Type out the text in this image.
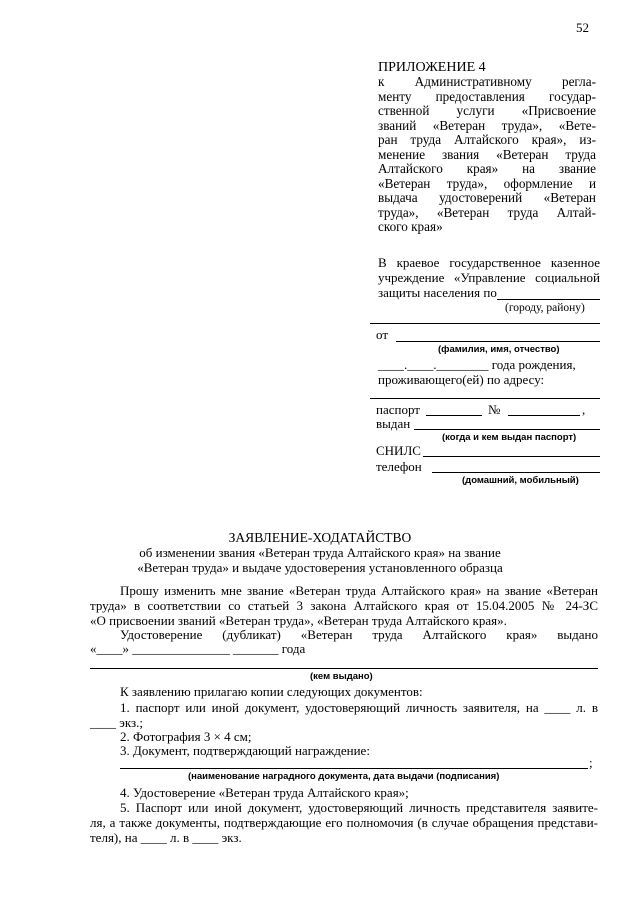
52
ПРИЛОЖЕНИЕ 4
к Административному регла-
менту предоставления государ-
ственной услуги «Присвоение
званий «Ветеран труда», «Вете-
ран труда Алтайского края», из-
менение звания «Ветеран труда
Алтайского края» на звание
«Ветеран труда», оформление и
выдача удостоверений «Ветеран
труда», «Ветеран труда Алтай-
ского края»
В краевое государственное казенное
учреждение «Управление социальной
защиты населения по
(городу, району)
от
(фамилия, имя, отчество)
____.____.________ года рождения,
проживающего(ей) по адресу:
паспорт	№	,
выдан
(когда и кем выдан паспорт)
СНИЛС
телефон
(домашний, мобильный)
ЗАЯВЛЕНИЕ-ХОДАТАЙСТВО
об изменении звания «Ветеран труда Алтайского края» на звание
«Ветеран труда» и выдаче удостоверения установленного образца
Прошу изменить мне звание «Ветеран труда Алтайского края» на звание «Ветеран
труда» в соответствии со статьей 3 закона Алтайского края от 15.04.2005 № 24-ЗС
«О присвоении званий «Ветеран труда», «Ветеран труда Алтайского края».
Удостоверение (дубликат) «Ветеран труда Алтайского края» выдано
«____» _______________ _______ года
(кем выдано)
К заявлению прилагаю копии следующих документов:
1. паспорт или иной документ, удостоверяющий личность заявителя, на ____ л. в
____ экз.;
2. Фотография 3 × 4 см;
3. Документ, подтверждающий награждение:
;
(наименование наградного документа, дата выдачи (подписания)
4. Удостоверение «Ветеран труда Алтайского края»;
5. Паспорт или иной документ, удостоверяющий личность представителя заявите-
ля, а также документы, подтверждающие его полномочия (в случае обращения представи-
теля), на ____ л. в ____ экз.
